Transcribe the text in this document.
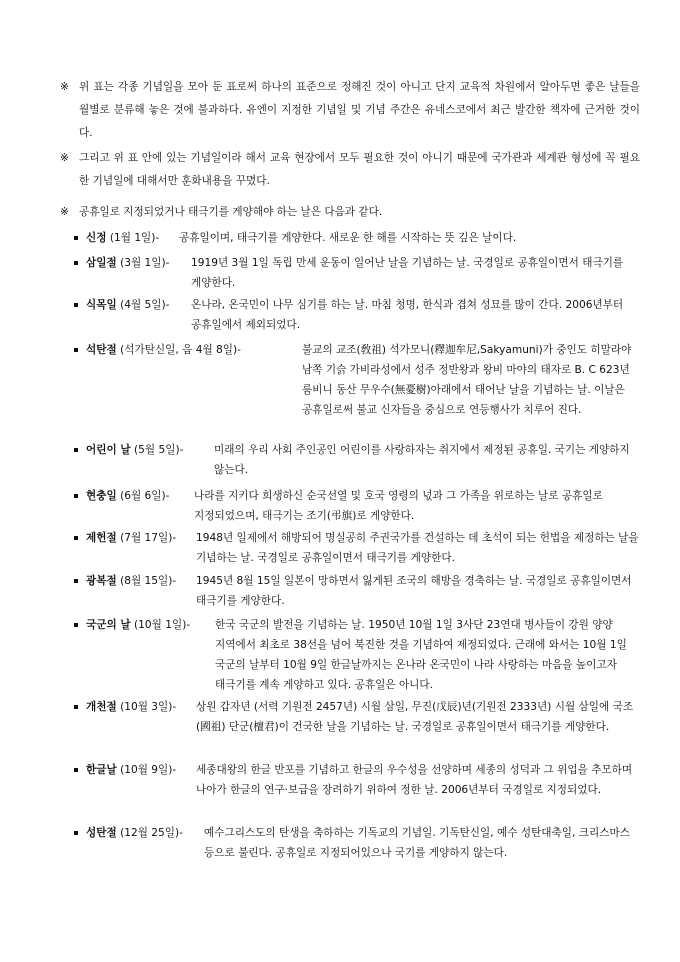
※ 위 표는 각종 기념일을 모아 둔 표로써 하나의 표준으로 정해진 것이 아니고 단지 교육적 차원에서 알아두면 좋은 날들을 월별로 분류해 놓은 것에 불과하다. 유엔이 지정한 기념일 및 기념 주간은 유네스코에서 최근 발간한 책자에 근거한 것이다.
※ 그리고 위 표 안에 있는 기념일이라 해서 교육 현장에서 모두 필요한 것이 아니기 때문에 국가관과 세계관 형성에 꼭 필요한 기념일에 대해서만 훈화내용을 꾸몄다.
※ 공휴일로 지정되었거나 태극기를 게양해야 하는 날은 다음과 같다.
신정 (1월 1일)-	공휴일이며, 태극기를 게양한다. 새로운 한 해를 시작하는 뜻 깊은 날이다.
삼일절 (3월 1일)-	1919년 3월 1일 독립 만세 운동이 일어난 날을 기념하는 날. 국경일로 공휴일이면서 태극기를 게양한다.
식목일 (4월 5일)-	온나라, 온국민이 나무 심기를 하는 날. 마침 청명, 한식과 겹쳐 성묘를 많이 간다. 2006년부터 공휴일에서 제외되었다.
석탄절 (석가탄신일, 음 4월 8일)-	불교의 교조(敎祖) 석가모니(釋迦牟尼,Sakyamuni)가 중인도 히말라야 남쪽 기슭 가비라성에서 성주 정반왕과 왕비 마야의 태자로 B. C 623년 룸비니 동산 무우수(無憂樹)아래에서 태어난 날을 기념하는 날. 이날은 공휴일로써 불교 신자들을 중심으로 연등행사가 치루어 진다.
어린이 날 (5월 5일)-	미래의 우리 사회 주인공인 어린이를 사랑하자는 취지에서 제정된 공휴일. 국기는 게양하지 않는다.
현충일 (6월 6일)-	나라를 지키다 희생하신 순국선열 및 호국 영령의 넋과 그 가족을 위로하는 날로 공휴일로 지정되었으며, 태극기는 조기(弔旗)로 게양한다.
제헌절 (7월 17일)-	1948년 일제에서 해방되어 명실공히 주권국가를 건설하는 데 초석이 되는 헌법을 제정하는 날을 기념하는 날. 국경일로 공휴일이면서 태극기를 게양한다.
광복절 (8월 15일)-	1945년 8월 15일 일본이 망하면서 잃게된 조국의 해방을 경축하는 날. 국경일로 공휴일이면서 태극기를 게양한다.
국군의 날 (10월 1일)-	한국 국군의 발전을 기념하는 날. 1950년 10월 1일 3사단 23연대 병사들이 강원 양양 지역에서 최초로 38선을 넘어 북진한 것을 기념하여 제정되었다. 근래에 와서는 10월 1일 국군의 날부터 10월 9일 한글날까지는 온나라 온국민이 나라 사랑하는 마음을 높이고자 태극기를 계속 게양하고 있다. 공휴일은 아니다.
개천절 (10월 3일)-	상원 갑자년 (서력 기원전 2457년) 시월 삼일, 무진(戊辰)년(기원전 2333년) 시월 삼일에 국조(國祖) 단군(檀君)이 건국한 날을 기념하는 날. 국경일로 공휴일이면서 태극기를 게양한다.
한글날 (10월 9일)-	세종대왕의 한글 반포를 기념하고 한글의 우수성을 선양하며 세종의 성덕과 그 위업을 추모하며 나아가 한글의 연구·보급을 장려하기 위하여 정한 날. 2006년부터 국경일로 지정되었다.
성탄절 (12월 25일)-	예수그리스도의 탄생을 축하하는 기독교의 기념일. 기독탄신일, 예수 성탄대축일, 크리스마스 등으로 불린다. 공휴일로 지정되어있으나 국기를 게양하지 않는다.
